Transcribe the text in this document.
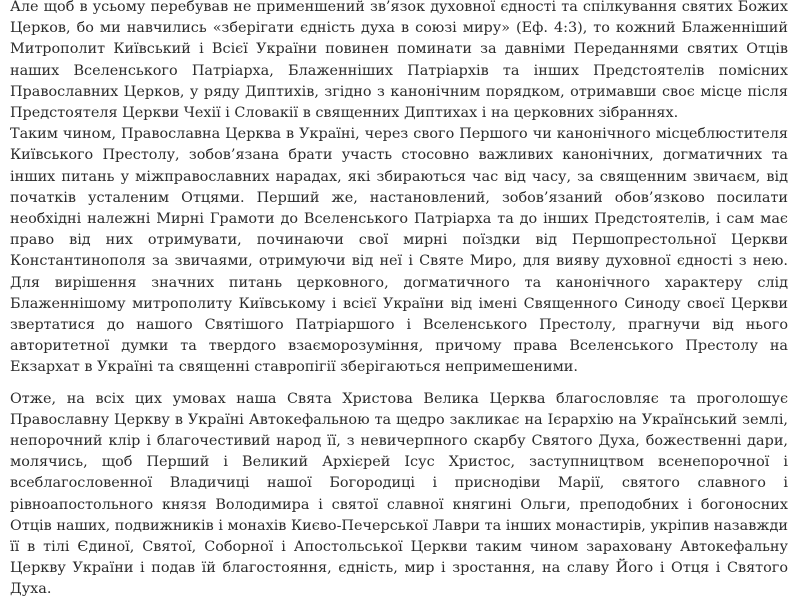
Але щоб в усьому перебував не применшений зв’язок духовної єдності та спілкування святих Божих Церков, бо ми навчились «зберігати єдність духа в союзі миру» (Еф. 4:3), то кожний Блаженніший Митрополит Київський і Всієї України повинен поминати за давніми Переданнями святих Отців наших Вселенського Патріарха, Блаженніших Патріархів та інших Предстоятелів помісних Православних Церков, у ряду Диптихів, згідно з канонічним порядком, отримавши своє місце після Предстоятеля Церкви Чехії і Словакії в священних Диптихах і на церковних зібраннях.

Таким чином, Православна Церква в Україні, через свого Першого чи канонічного місцеблюстителя Київського Престолу, зобов’язана брати участь стосовно важливих канонічних, догматичних та інших питань у міжправославних нарадах, які збираються час від часу, за священним звичаєм, від початків усталеним Отцями. Перший же, настановлений, зобов’язаний обов’язково посилати необхідні належні Мирні Грамоти до Вселенського Патріарха та до інших Предстоятелів, і сам має право від них отримувати, починаючи свої мирні поїздки від Першопрестольної Церкви Константинополя за звичаями, отримуючи від неї і Святе Миро, для вияву духовної єдності з нею. Для вирішення значних питань церковного, догматичного та канонічного характеру слід Блаженнішому митрополиту Київському і всієї України від імені Священного Синоду своєї Церкви звертатися до нашого Святішого Патріаршого і Вселенського Престолу, прагнучи від нього авторитетної думки та твердого взаєморозуміння, причому права Вселенського Престолу на Екзархат в Україні та священні ставропігії зберігаються непримешеними.

Отже, на всіх цих умовах наша Свята Христова Велика Церква благословляє та проголошує Православну Церкву в Україні Автокефальною та щедро закликає на Ієрархію на Український землі, непорочний клір і благочестивий народ її, з невичерпного скарбу Святого Духа, божественні дари, молячись, щоб Перший і Великий Архієрей Ісус Христос, заступництвом всенепорочної і всеблагословенної Владичиці нашої Богородиці і приснодіви Марії, святого славного і рівноапостольного князя Володимира і святої славної княгині Ольги, преподобних і богоносних Отців наших, подвижників і монахів Києво-Печерської Лаври та інших монастирів, укріпив назавжди її в тілі Єдиної, Святої, Соборної і Апостольської Церкви таким чином зараховану Автокефальну Церкву України і подав їй благостояння, єдність, мир і зростання, на славу Його і Отця і Святого Духа.
